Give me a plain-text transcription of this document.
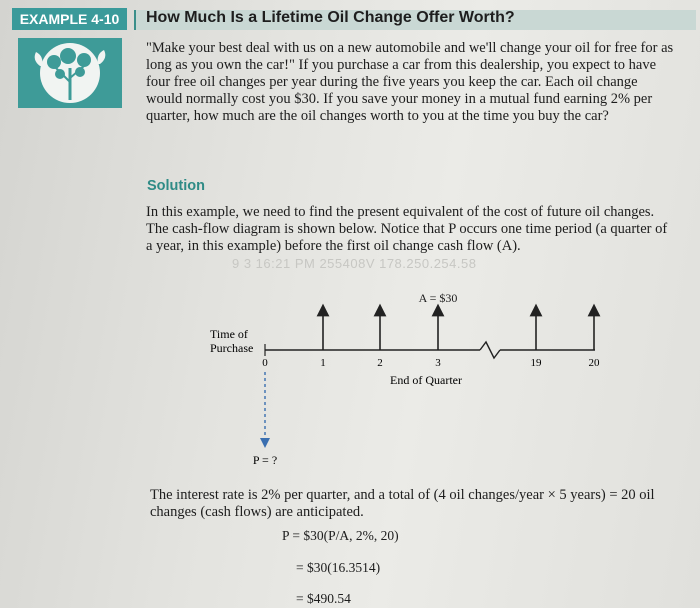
EXAMPLE 4-10	How Much Is a Lifetime Oil Change Offer Worth?
"Make your best deal with us on a new automobile and we'll change your oil for free for as long as you own the car!" If you purchase a car from this dealership, you expect to have four free oil changes per year during the five years you keep the car. Each oil change would normally cost you $30. If you save your money in a mutual fund earning 2% per quarter, how much are the oil changes worth to you at the time you buy the car?
Solution
In this example, we need to find the present equivalent of the cost of future oil changes. The cash-flow diagram is shown below. Notice that P occurs one time period (a quarter of a year, in this example) before the first oil change cash flow (A).
9 3 16:21 PM 255408V 178.250.254.58
A = $30
0	1	2	3	19	20
Time of
Purchase
End of Quarter
P = ?
The interest rate is 2% per quarter, and a total of (4 oil changes/year × 5 years) = 20 oil changes (cash flows) are anticipated.
P = $30(P/A, 2%, 20)
= $30(16.3514)
= $490.54
